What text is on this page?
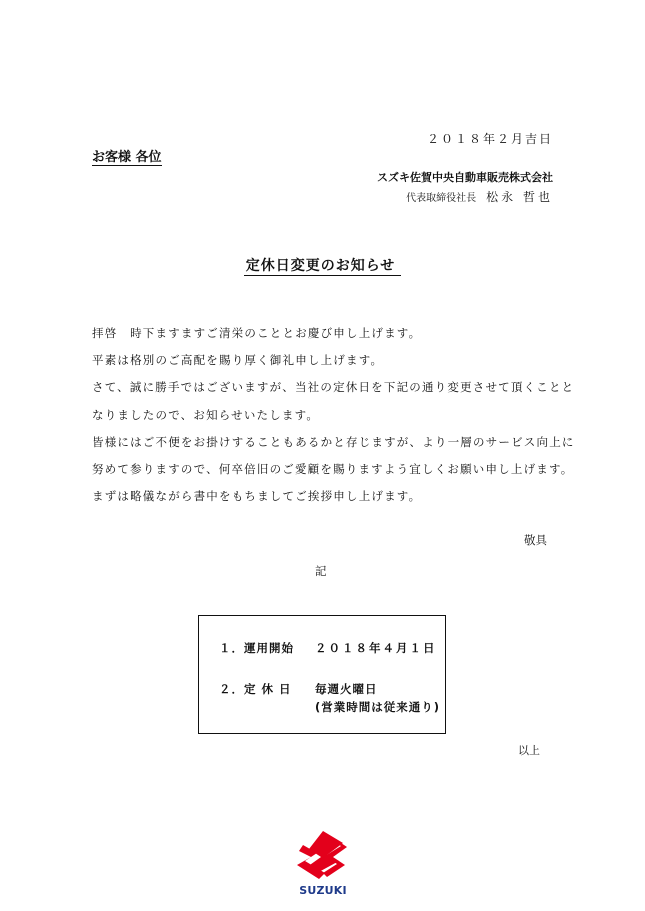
２０１８年２月吉日
お客様 各位
スズキ佐賀中央自動車販売株式会社
代表取締役社長 松永 哲也
定休日変更のお知らせ

拝啓　時下ますますご清栄のこととお慶び申し上げます。

平素は格別のご高配を賜り厚く御礼申し上げます。

さて、誠に勝手ではございますが、当社の定休日を下記の通り変更させて頂くことと

なりましたので、お知らせいたします。

皆様にはご不便をお掛けすることもあるかと存じますが、より一層のサービス向上に

努めて参りますので、何卒倍旧のご愛顧を賜りますよう宜しくお願い申し上げます。

まずは略儀ながら書中をもちましてご挨拶申し上げます。

敬具
記
１．運用開始 ２０１８年４月１日
２．定 休 日 毎週火曜日
(営業時間は従来通り)
以上
SUZUKI
